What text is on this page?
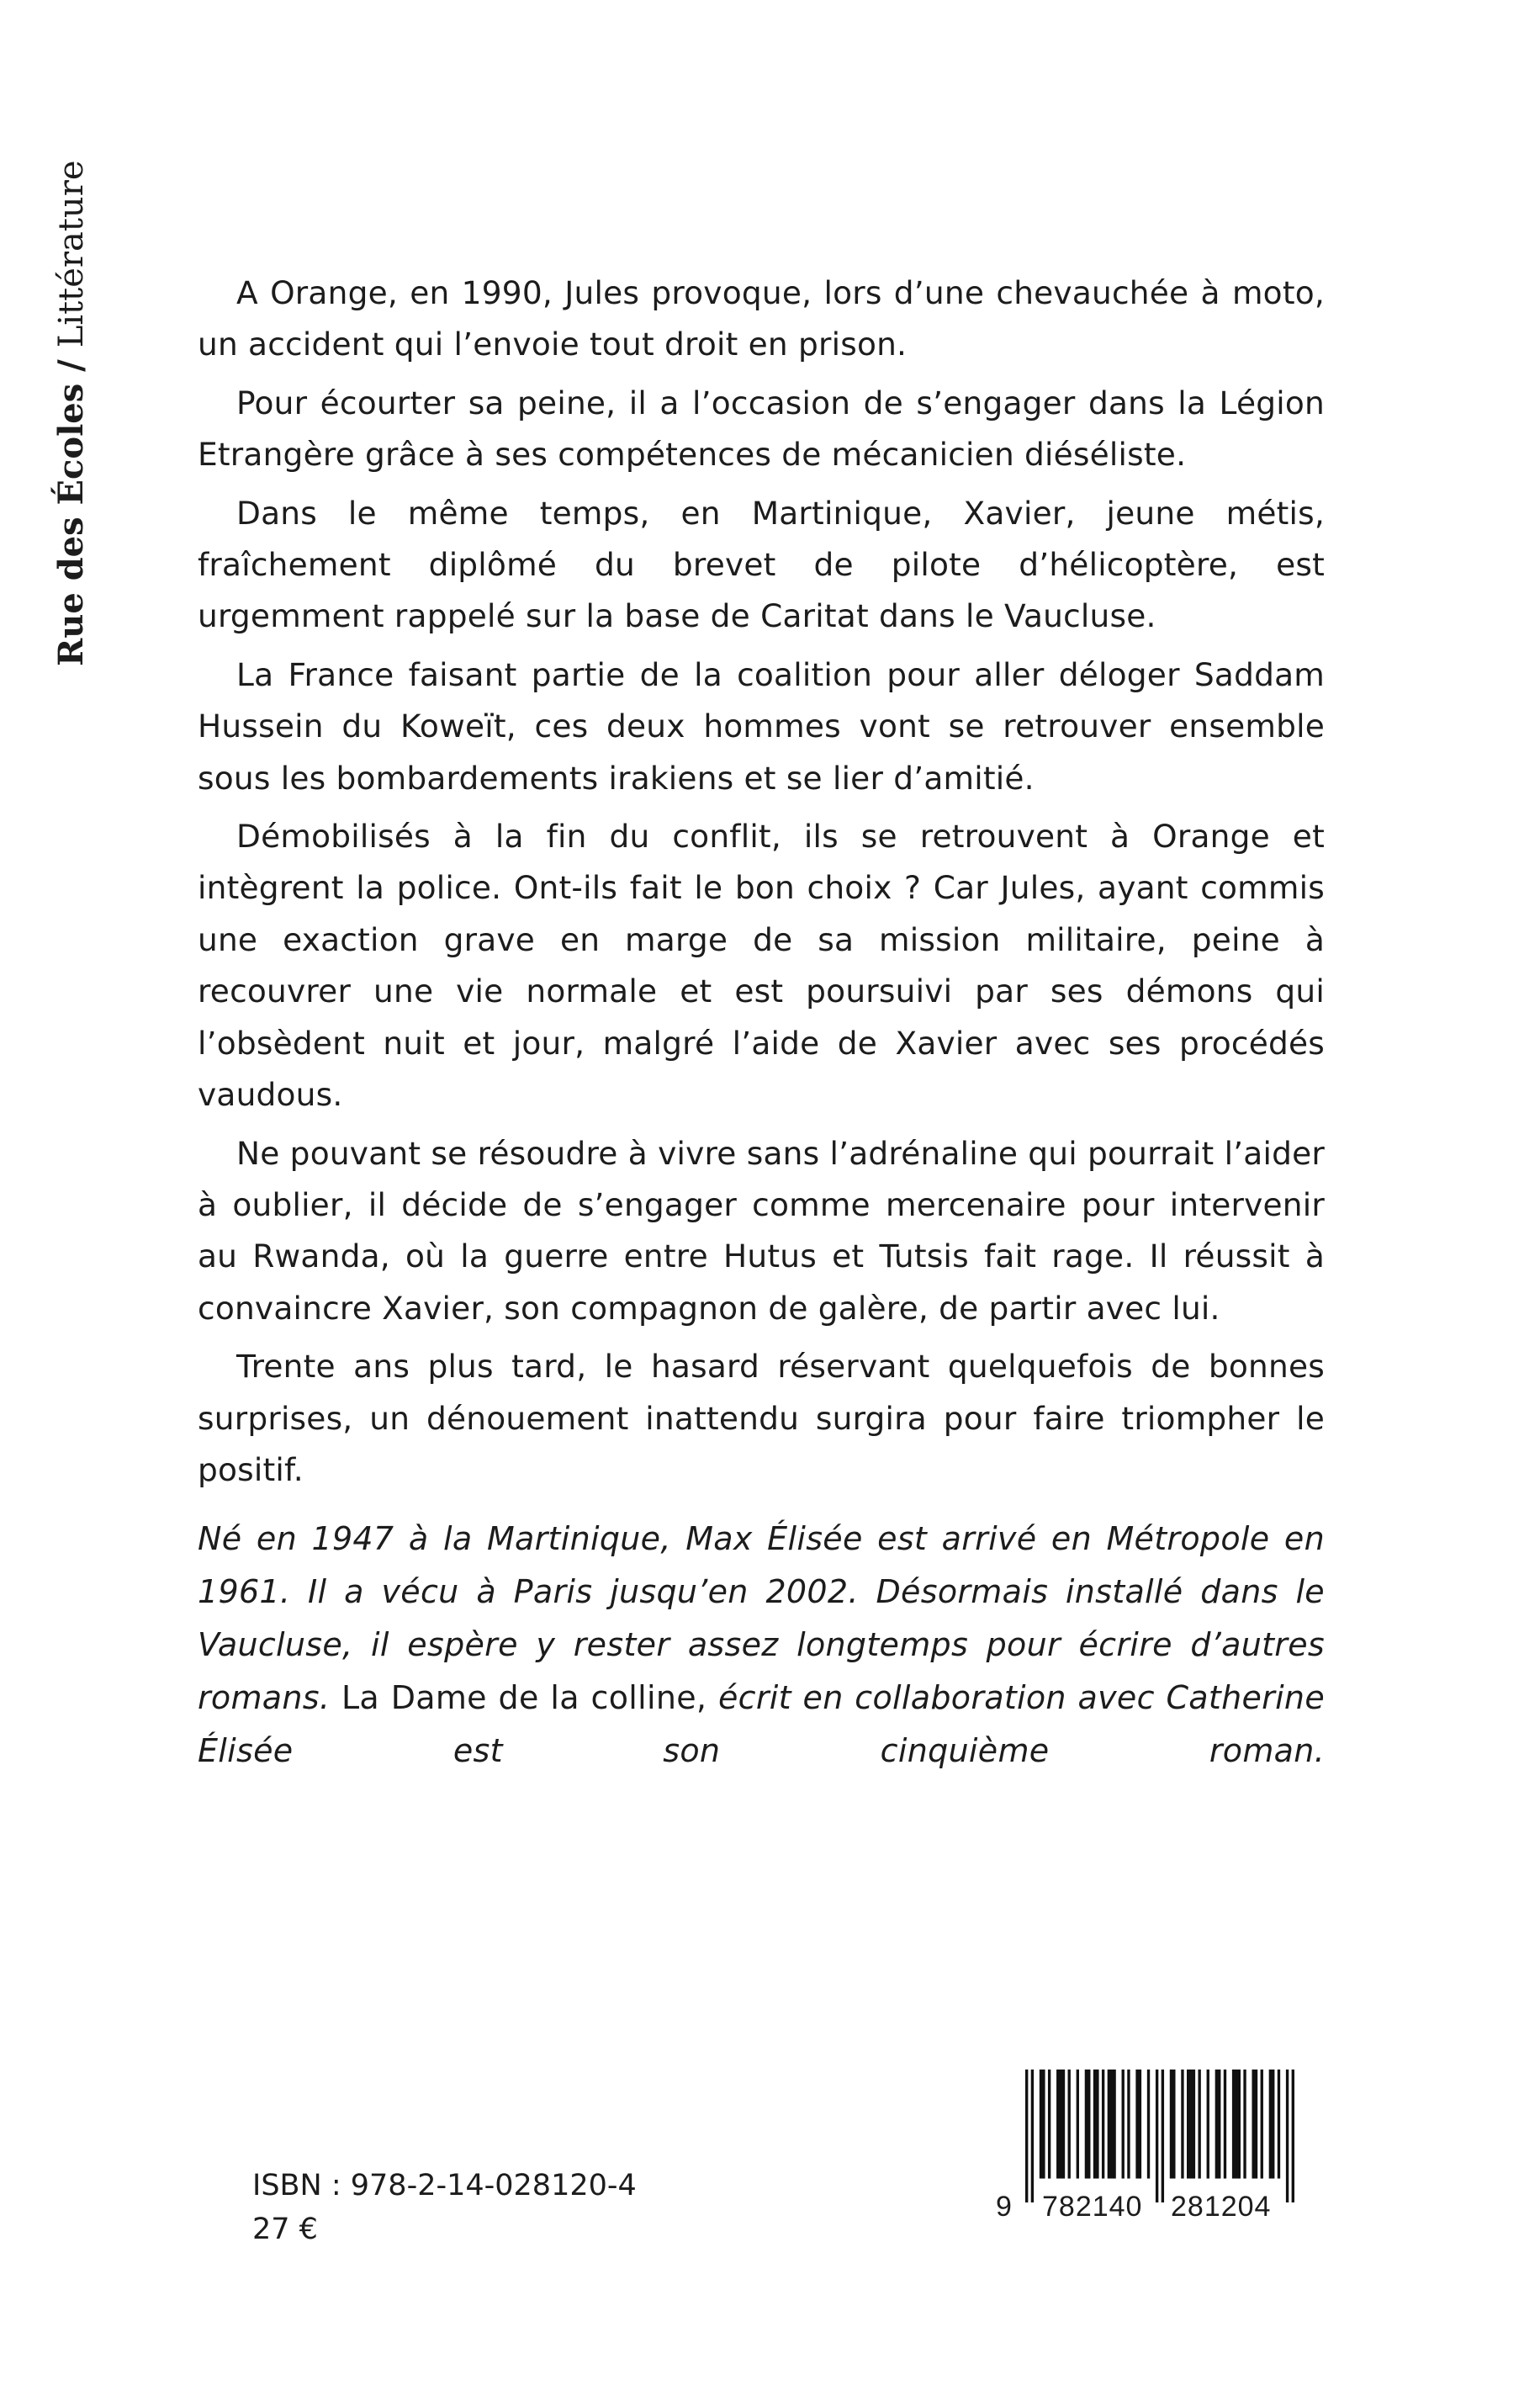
Rue des Écoles / Littérature	A Orange, en 1990, Jules provoque, lors d’une chevauchée à moto, un accident qui l’envoie tout droit en prison.

Pour écourter sa peine, il a l’occasion de s’engager dans la Légion Etrangère grâce à ses compétences de mécanicien diéséliste.

Dans le même temps, en Martinique, Xavier, jeune métis, fraîchement diplômé du brevet de pilote d’hélicoptère, est urgemment rappelé sur la base de Caritat dans le Vaucluse.

La France faisant partie de la coalition pour aller déloger Saddam Hussein du Koweït, ces deux hommes vont se retrouver ensemble sous les bombardements irakiens et se lier d’amitié.

Démobilisés à la fin du conflit, ils se retrouvent à Orange et intègrent la police. Ont-ils fait le bon choix ? Car Jules, ayant commis une exaction grave en marge de sa mission militaire, peine à recouvrer une vie normale et est poursuivi par ses démons qui l’obsèdent nuit et jour, malgré l’aide de Xavier avec ses procédés vaudous.

Ne pouvant se résoudre à vivre sans l’adrénaline qui pourrait l’aider à oublier, il décide de s’engager comme mercenaire pour intervenir au Rwanda, où la guerre entre Hutus et Tutsis fait rage. Il réussit à convaincre Xavier, son compagnon de galère, de partir avec lui.

Trente ans plus tard, le hasard réservant quelquefois de bonnes surprises, un dénouement inattendu surgira pour faire triompher le positif.

Né en 1947 à la Martinique, Max Élisée est arrivé en Métropole en 1961. Il a vécu à Paris jusqu’en 2002. Désormais installé dans le Vaucluse, il espère y rester assez longtemps pour écrire d’autres romans. La Dame de la colline, écrit en collaboration avec Catherine Élisée est son cinquième roman.

ISBN : 978-2-14-028120-4
27 €
9 782140 281204
